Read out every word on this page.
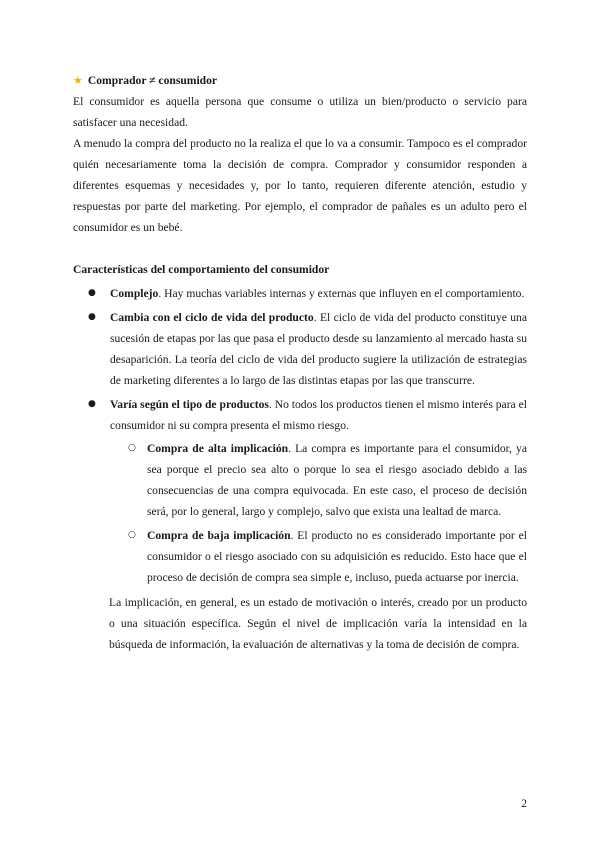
★ Comprador ≠ consumidor

El consumidor es aquella persona que consume o utiliza un bien/producto o servicio para satisfacer una necesidad.

A menudo la compra del producto no la realiza el que lo va a consumir. Tampoco es el comprador quién necesariamente toma la decisión de compra. Comprador y consumidor responden a diferentes esquemas y necesidades y, por lo tanto, requieren diferente atención, estudio y respuestas por parte del marketing. Por ejemplo, el comprador de pañales es un adulto pero el consumidor es un bebé.

Características del comportamiento del consumidor

● Complejo. Hay muchas variables internas y externas que influyen en el comportamiento.
● Cambia con el ciclo de vida del producto. El ciclo de vida del producto constituye una sucesión de etapas por las que pasa el producto desde su lanzamiento al mercado hasta su desaparición. La teoría del ciclo de vida del producto sugiere la utilización de estrategias de marketing diferentes a lo largo de las distintas etapas por las que transcurre.
● Varía según el tipo de productos. No todos los productos tienen el mismo interés para el consumidor ni su compra presenta el mismo riesgo.
○ Compra de alta implicación. La compra es importante para el consumidor, ya sea porque el precio sea alto o porque lo sea el riesgo asociado debido a las consecuencias de una compra equivocada. En este caso, el proceso de decisión será, por lo general, largo y complejo, salvo que exista una lealtad de marca.
○ Compra de baja implicación. El producto no es considerado importante por el consumidor o el riesgo asociado con su adquisición es reducido. Esto hace que el proceso de decisión de compra sea simple e, incluso, pueda actuarse por inercia.

La implicación, en general, es un estado de motivación o interés, creado por un producto o una situación específica. Según el nivel de implicación varía la intensidad en la búsqueda de información, la evaluación de alternativas y la toma de decisión de compra.

2
